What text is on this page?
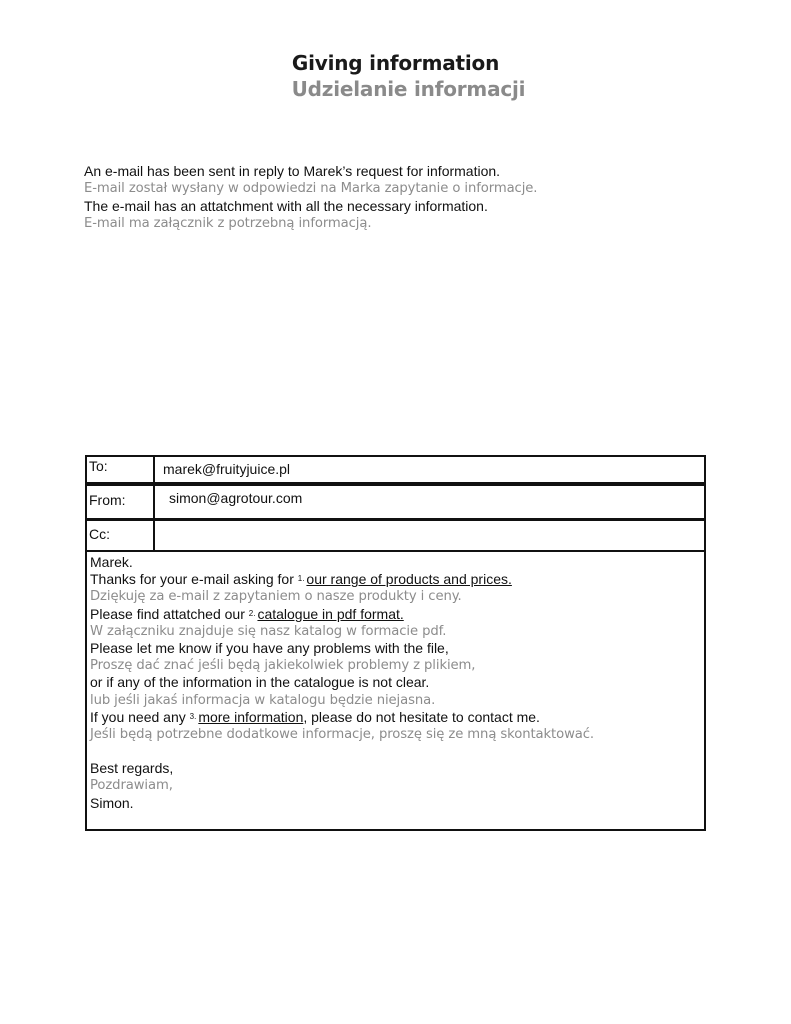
Giving information
Udzielanie informacji
An e-mail has been sent in reply to Marek’s request for information.
E-mail został wysłany w odpowiedzi na Marka zapytanie o informacje.
The e-mail has an attatchment with all the necessary information.
E-mail ma załącznik z potrzebną informacją.
To:	marek@fruityjuice.pl
From:	simon@agrotour.com
Cc:
Marek.
Thanks for your e-mail asking for $^{1.}$ our range of products and prices.
Dziękuję za e-mail z zapytaniem o nasze produkty i ceny.
Please find attatched our $^{2.}$ catalogue in pdf format.
W załączniku znajduje się nasz katalog w formacie pdf.
Please let me know if you have any problems with the file,
Proszę dać znać jeśli będą jakiekolwiek problemy z plikiem,
or if any of the information in the catalogue is not clear.
lub jeśli jakaś informacja w katalogu będzie niejasna.
If you need any $^{3.}$ more information, please do not hesitate to contact me.
Jeśli będą potrzebne dodatkowe informacje, proszę się ze mną skontaktować.
Best regards,
Pozdrawiam,
Simon.
